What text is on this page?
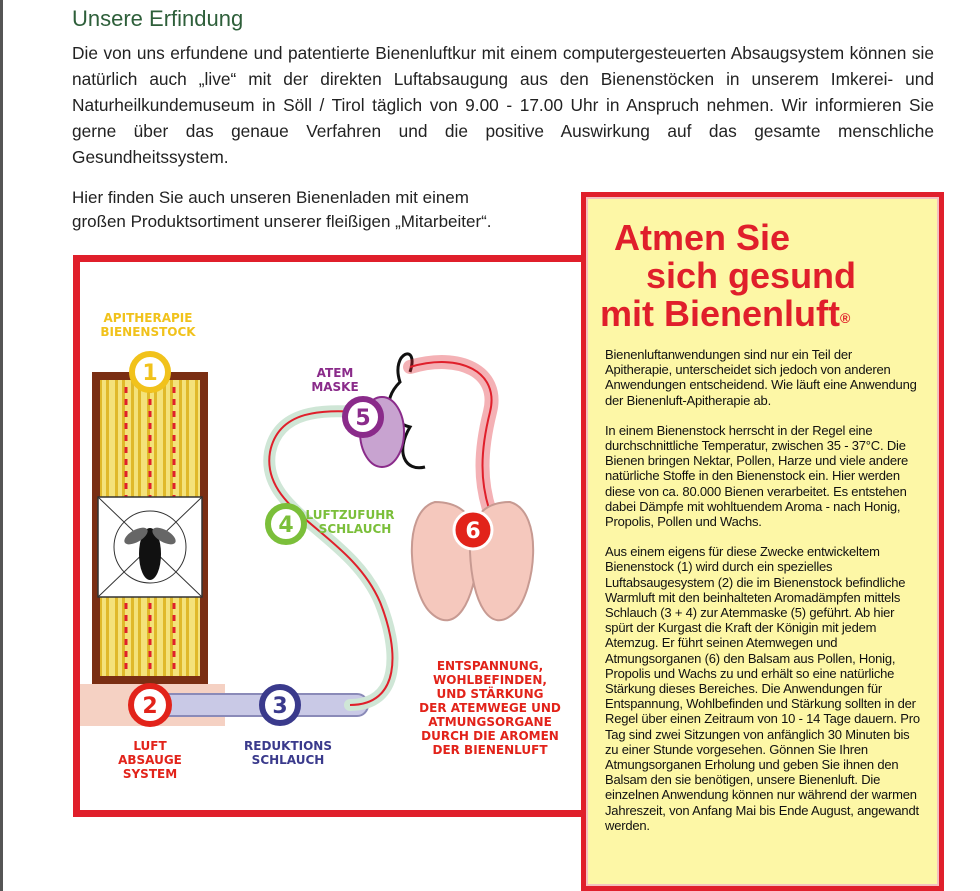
Unsere Erfindung

Die von uns erfundene und patentierte Bienenluftkur mit einem computergesteuerten Absaugsystem können sie natürlich auch „live“ mit der direkten Luftabsaugung aus den Bienenstöcken in unserem Imkerei- und Naturheilkundemuseum in Söll / Tirol täglich von 9.00 - 17.00 Uhr in Anspruch nehmen. Wir informieren Sie gerne über das genaue Verfahren und die positive Auswirkung auf das gesamte menschliche Gesundheitssystem.

Hier finden Sie auch unseren Bienenladen mit einem
großen Produktsortiment unserer fleißigen „Mitarbeiter“.

1
2	3
4
5
6
APITHERAPIE
BIENENSTOCK
ATEM
MASKE
LUFTZUFUHR
SCHLAUCH
LUFT
ABSAUGE
SYSTEM
REDUKTIONS
SCHLAUCH
ENTSPANNUNG,
WOHLBEFINDEN,
UND STÄRKUNG
DER ATEMWEGE UND
ATMUNGSORGANE
DURCH DIE AROMEN
DER BIENENLUFT
Atmen Sie
sich gesund
mit Bienenluft®

Bienenluftanwendungen sind nur ein Teil der Apitherapie, unterscheidet sich jedoch von anderen Anwendungen entscheidend. Wie läuft eine Anwendung der Bienenluft-Apitherapie ab.

In einem Bienenstock herrscht in der Regel eine durchschnittliche Temperatur, zwischen 35 - 37°C. Die Bienen bringen Nektar, Pollen, Harze und viele andere natürliche Stoffe in den Bienenstock ein. Hier werden diese von ca. 80.000 Bienen verarbeitet. Es entstehen dabei Dämpfe mit wohltuendem Aroma - nach Honig, Propolis, Pollen und Wachs.

Aus einem eigens für diese Zwecke entwickeltem Bienenstock (1) wird durch ein spezielles Luftabsaugesystem (2) die im Bienenstock befindliche Warmluft mit den beinhalteten Aromadämpfen mittels Schlauch (3 + 4) zur Atemmaske (5) geführt. Ab hier spürt der Kurgast die Kraft der Königin mit jedem Atemzug. Er führt seinen Atemwegen und Atmungsorganen (6) den Balsam aus Pollen, Honig, Propolis und Wachs zu und erhält so eine natürliche Stärkung dieses Bereiches. Die Anwendungen für Entspannung, Wohlbefinden und Stärkung sollten in der Regel über einen Zeitraum von 10 - 14 Tage dauern. Pro Tag sind zwei Sitzungen von anfänglich 30 Minuten bis zu einer Stunde vorgesehen. Gönnen Sie Ihren Atmungsorganen Erholung und geben Sie ihnen den Balsam den sie benötigen, unsere Bienenluft. Die einzelnen Anwendung können nur während der warmen Jahreszeit, von Anfang Mai bis Ende August, angewandt werden.
